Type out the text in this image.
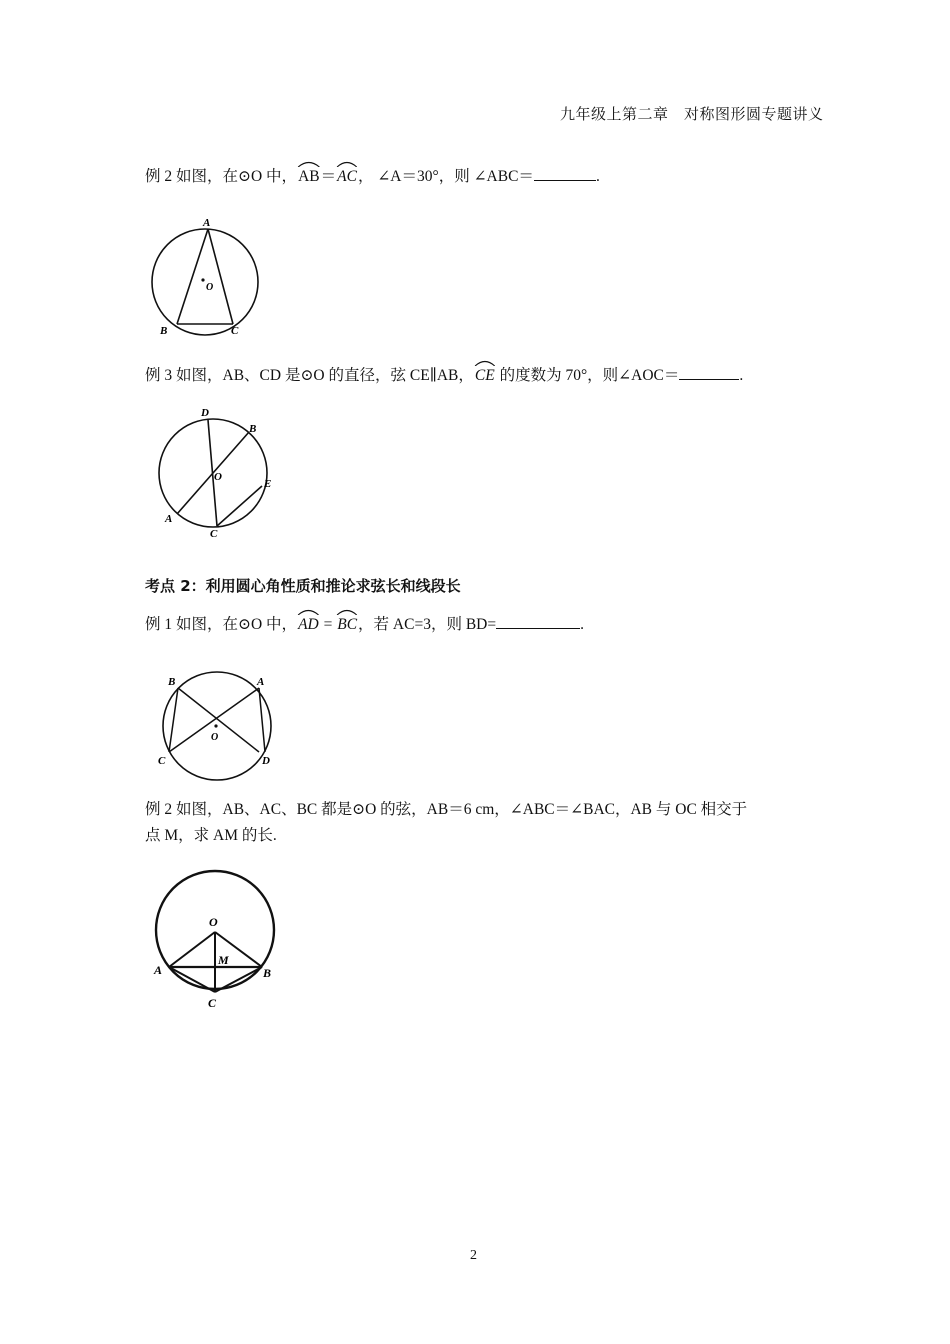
九年级上第二章　对称图形圆专题讲义
例 2 如图，在⊙O 中，
AB＝
AC， ∠A＝30°，则 ∠ABC＝	.
A
B	C
O
例 3 如图，AB、CD 是⊙O 的直径，弦 CE∥AB，
CE 的度数为 70°，则∠AOC＝	.
D
B
O
E
A
C
考点 2：利用圆心角性质和推论求弦长和线段长
例 1 如图，在⊙O 中，
AD =
BC，若 AC=3，则 BD=	.
B	A
O
C	D
例 2 如图，AB、AC、BC 都是⊙O 的弦，AB＝6 cm，∠ABC＝∠BAC，AB 与 OC 相交于
点 M，求 AM 的长.
O
M
A	B
C
2
